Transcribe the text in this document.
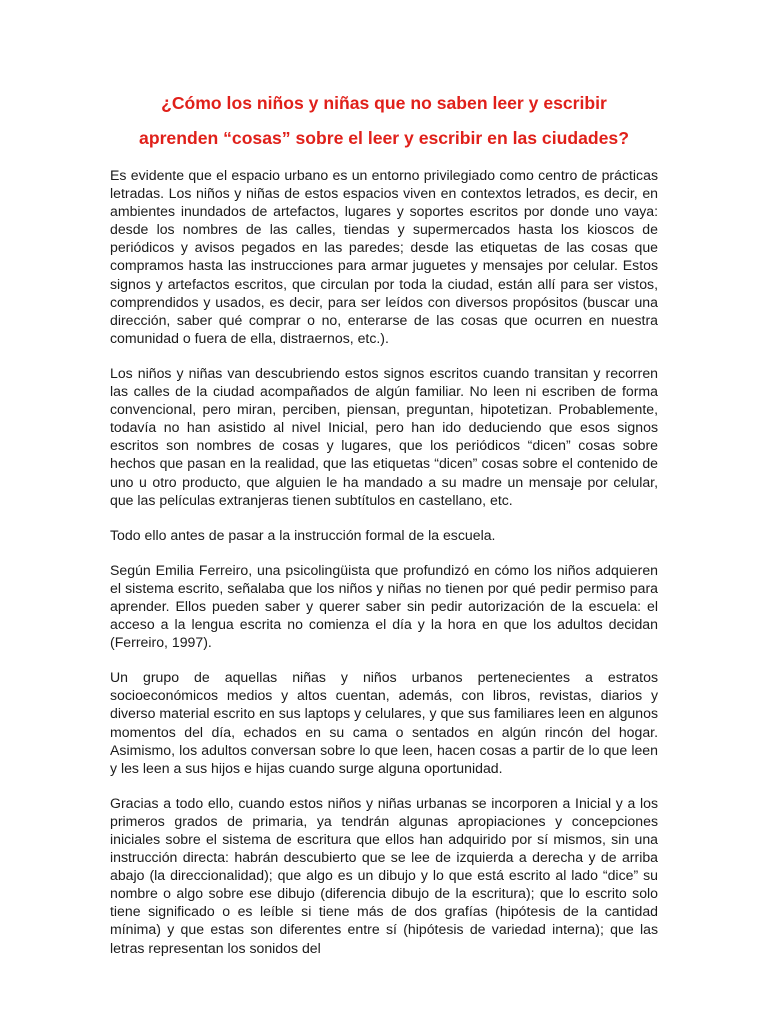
¿Cómo los niños y niñas que no saben leer y escribir
aprenden “cosas” sobre el leer y escribir en las ciudades?

Es evidente que el espacio urbano es un entorno privilegiado como centro de prácticas letradas. Los niños y niñas de estos espacios viven en contextos letrados, es decir, en ambientes inundados de artefactos, lugares y soportes escritos por donde uno vaya: desde los nombres de las calles, tiendas y supermercados hasta los kioscos de periódicos y avisos pegados en las paredes; desde las etiquetas de las cosas que compramos hasta las instrucciones para armar juguetes y mensajes por celular. Estos signos y artefactos escritos, que circulan por toda la ciudad, están allí para ser vistos, comprendidos y usados, es decir, para ser leídos con diversos propósitos (buscar una dirección, saber qué comprar o no, enterarse de las cosas que ocurren en nuestra comunidad o fuera de ella, distraernos, etc.).

Los niños y niñas van descubriendo estos signos escritos cuando transitan y recorren las calles de la ciudad acompañados de algún familiar. No leen ni escriben de forma convencional, pero miran, perciben, piensan, preguntan, hipotetizan. Probablemente, todavía no han asistido al nivel Inicial, pero han ido deduciendo que esos signos escritos son nombres de cosas y lugares, que los periódicos “dicen” cosas sobre hechos que pasan en la realidad, que las etiquetas “dicen” cosas sobre el contenido de uno u otro producto, que alguien le ha mandado a su madre un mensaje por celular, que las películas extranjeras tienen subtítulos en castellano, etc.

Todo ello antes de pasar a la instrucción formal de la escuela.

Según Emilia Ferreiro, una psicolingüista que profundizó en cómo los niños adquieren el sistema escrito, señalaba que los niños y niñas no tienen por qué pedir permiso para aprender. Ellos pueden saber y querer saber sin pedir autorización de la escuela: el acceso a la lengua escrita no comienza el día y la hora en que los adultos decidan (Ferreiro, 1997).

Un grupo de aquellas niñas y niños urbanos pertenecientes a estratos socioeconómicos medios y altos cuentan, además, con libros, revistas, diarios y diverso material escrito en sus laptops y celulares, y que sus familiares leen en algunos momentos del día, echados en su cama o sentados en algún rincón del hogar. Asimismo, los adultos conversan sobre lo que leen, hacen cosas a partir de lo que leen y les leen a sus hijos e hijas cuando surge alguna oportunidad.

Gracias a todo ello, cuando estos niños y niñas urbanas se incorporen a Inicial y a los primeros grados de primaria, ya tendrán algunas apropiaciones y concepciones iniciales sobre el sistema de escritura que ellos han adquirido por sí mismos, sin una instrucción directa: habrán descubierto que se lee de izquierda a derecha y de arriba abajo (la direccionalidad); que algo es un dibujo y lo que está escrito al lado “dice” su nombre o algo sobre ese dibujo (diferencia dibujo de la escritura); que lo escrito solo tiene significado o es leíble si tiene más de dos grafías (hipótesis de la cantidad mínima) y que estas son diferentes entre sí (hipótesis de variedad interna); que las letras representan los sonidos del
